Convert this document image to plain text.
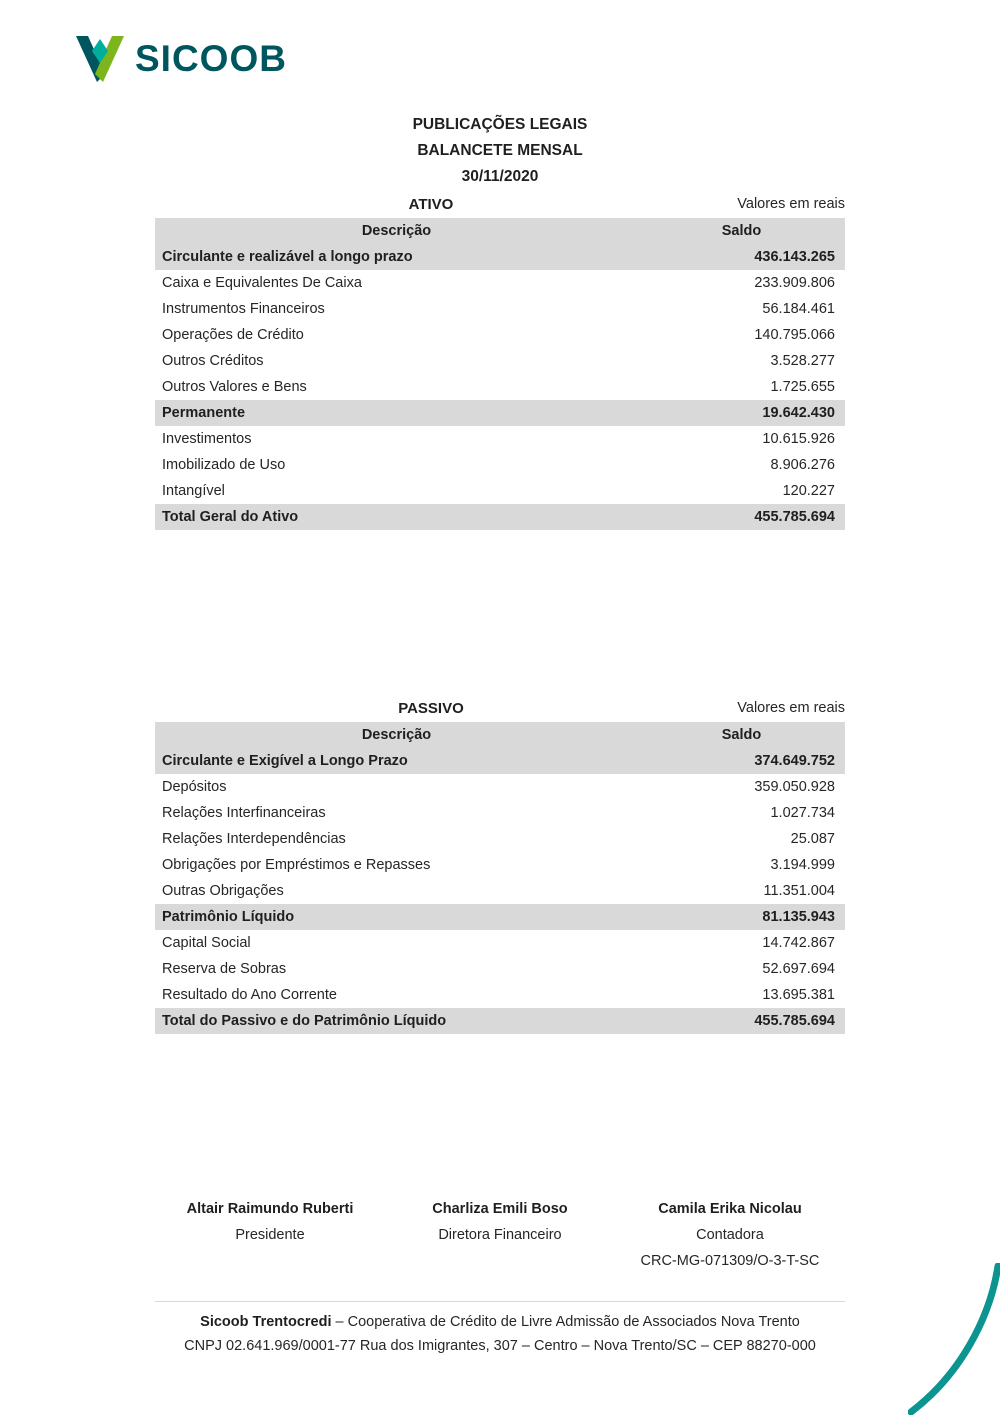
SICOOB
PUBLICAÇÕES LEGAIS
BALANCETE MENSAL
30/11/2020
ATIVO	Valores em reais
Descrição	Saldo
Circulante e realizável a longo prazo	436.143.265
Caixa e Equivalentes De Caixa	233.909.806
Instrumentos Financeiros	56.184.461
Operações de Crédito	140.795.066
Outros Créditos	3.528.277
Outros Valores e Bens	1.725.655
Permanente	19.642.430
Investimentos	10.615.926
Imobilizado de Uso	8.906.276
Intangível	120.227
Total Geral do Ativo	455.785.694
PASSIVO	Valores em reais
Descrição	Saldo
Circulante e Exigível a Longo Prazo	374.649.752
Depósitos	359.050.928
Relações Interfinanceiras	1.027.734
Relações Interdependências	25.087
Obrigações por Empréstimos e Repasses	3.194.999
Outras Obrigações	11.351.004
Patrimônio Líquido	81.135.943
Capital Social	14.742.867
Reserva de Sobras	52.697.694
Resultado do Ano Corrente	13.695.381
Total do Passivo e do Patrimônio Líquido	455.785.694
Altair Raimundo Ruberti
Presidente
Charliza Emili Boso
Diretora Financeiro
Camila Erika Nicolau
Contadora
CRC-MG-071309/O-3-T-SC
Sicoob Trentocredi – Cooperativa de Crédito de Livre Admissão de Associados Nova Trento
CNPJ 02.641.969/0001-77 Rua dos Imigrantes, 307 – Centro – Nova Trento/SC – CEP 88270-000
